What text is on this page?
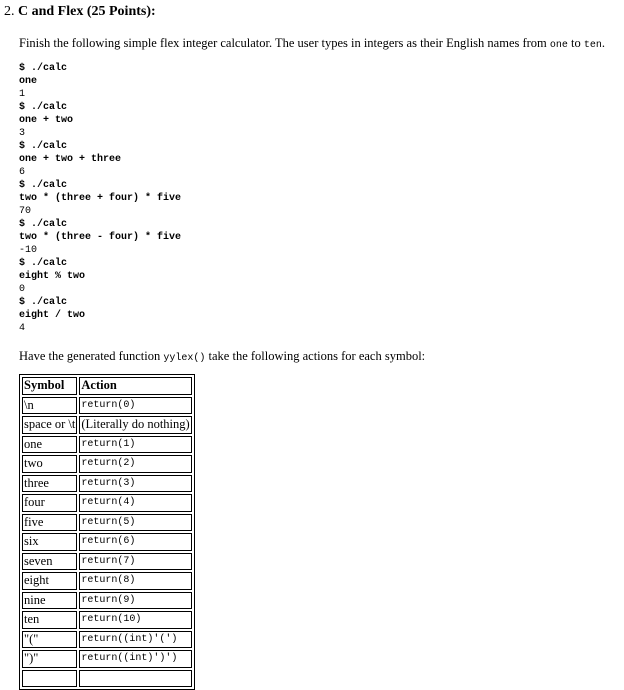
2. C and Flex (25 Points):
Finish the following simple flex integer calculator. The user types in integers as their English names from one to ten.
$ ./calc
one
1
$ ./calc
one + two
3
$ ./calc
one + two + three
6
$ ./calc
two * (three + four) * five
70
$ ./calc
two * (three - four) * five
-10
$ ./calc
eight % two
0
$ ./calc
eight / two
4
Have the generated function yylex() take the following actions for each symbol:
Symbol	Action
\n	return(0)
space or \t	(Literally do nothing)
one	return(1)
two	return(2)
three	return(3)
four	return(4)
five	return(5)
six	return(6)
seven	return(7)
eight	return(8)
nine	return(9)
ten	return(10)
"("	return((int)'(')
")"	return((int)')')
